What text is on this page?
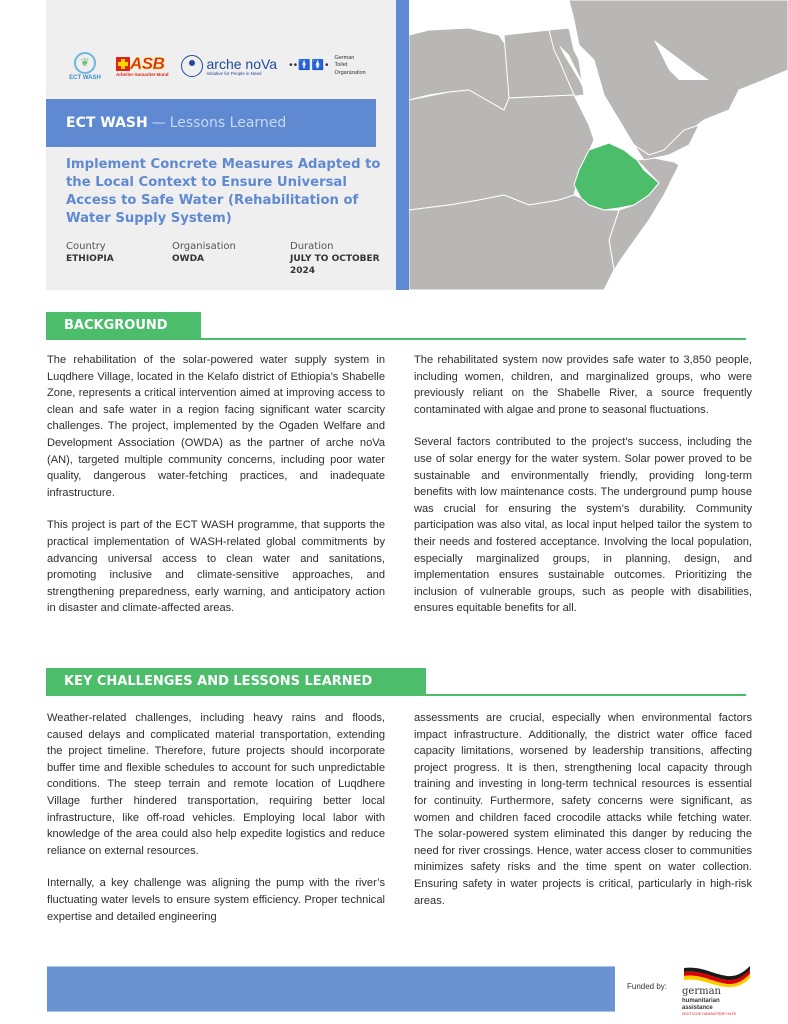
❦
ECT WASH
ASB
Arbeiter-Samariter-Bund
arche noVa
Initiative for People in Need
••🚹🚺•
German
Toilet
Organization
ECT WASH — Lessons Learned
Implement Concrete Measures Adapted to the Local Context to Ensure Universal Access to Safe Water (Rehabilitation of Water Supply System)
Country
ETHIOPIA
Organisation
OWDA
Duration
JULY TO OCTOBER
2024
BACKGROUND

The rehabilitation of the solar-powered water supply system in Luqdhere Village, located in the Kelafo district of Ethiopia’s Shabelle Zone, represents a critical intervention aimed at improving access to clean and safe water in a region facing significant water scarcity challenges. The project, implemented by the Ogaden Welfare and Development Association (OWDA) as the partner of arche noVa (AN), targeted multiple community concerns, including poor water quality, dangerous water-fetching practices, and inadequate infrastructure.

This project is part of the ECT WASH programme, that supports the practical implementation of WASH-related global commitments by advancing universal access to clean water and sanitations, promoting inclusive and climate-sensitive approaches, and strengthening preparedness, early warning, and anticipatory action in disaster and climate-affected areas.

The rehabilitated system now provides safe water to 3,850 people, including women, children, and marginalized groups, who were previously reliant on the Shabelle River, a source frequently contaminated with algae and prone to seasonal fluctuations.

Several factors contributed to the project’s success, including the use of solar energy for the water system. Solar power proved to be sustainable and environmentally friendly, providing long-term benefits with low maintenance costs. The underground pump house was crucial for ensuring the system’s durability. Community participation was also vital, as local input helped tailor the system to their needs and fostered acceptance. Involving the local population, especially marginalized groups, in planning, design, and implementation ensures sustainable outcomes. Prioritizing the inclusion of vulnerable groups, such as people with disabilities, ensures equitable benefits for all.

KEY CHALLENGES AND LESSONS LEARNED

Weather-related challenges, including heavy rains and floods, caused delays and complicated material transportation, extending the project timeline. Therefore, future projects should incorporate buffer time and flexible schedules to account for such unpredictable conditions. The steep terrain and remote location of Luqdhere Village further hindered transportation, requiring better local infrastructure, like off-road vehicles. Employing local labor with knowledge of the area could also help expedite logistics and reduce reliance on external resources.

Internally, a key challenge was aligning the pump with the river’s fluctuating water levels to ensure system efficiency. Proper technical expertise and detailed engineering

assessments are crucial, especially when environmental factors impact infrastructure. Additionally, the district water office faced capacity limitations, worsened by leadership transitions, affecting project progress. It is then, strengthening local capacity through training and investing in long-term technical resources is essential for continuity. Furthermore, safety concerns were significant, as women and children faced crocodile attacks while fetching water. The solar-powered system eliminated this danger by reducing the need for river crossings. Hence, water access closer to communities minimizes safety risks and the time spent on water collection. Ensuring safety in water projects is critical, particularly in high-risk areas.

Funded by: german
humanitarian
assistance
DEUTSCHE HUMANITÄRE HILFE
